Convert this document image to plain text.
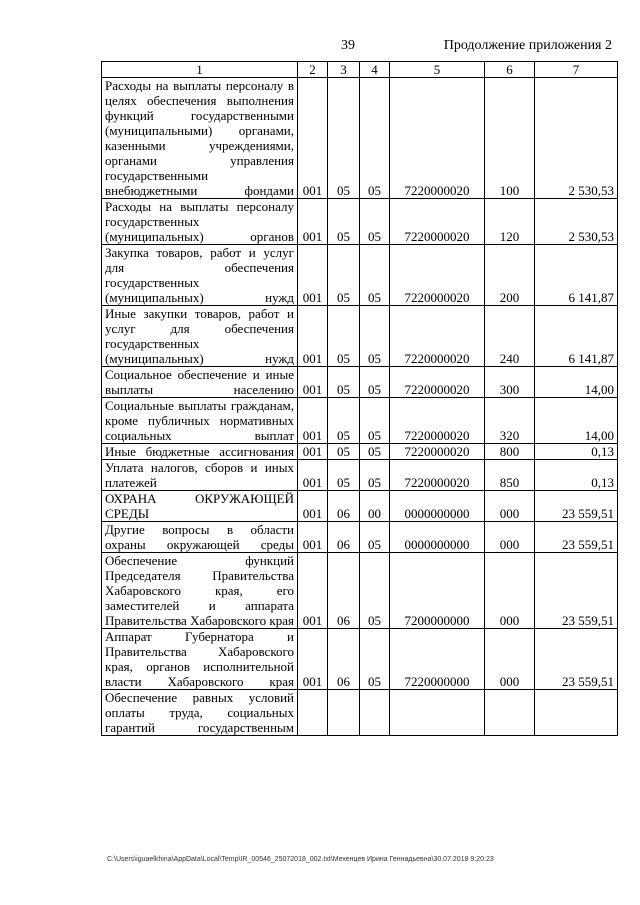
39	Продолжение приложения 2
1	2	3	4	5	6	7
Расходы на выплаты персоналу в целях обеспечения выполнения функций государственными (муниципальными) органами, казенными учреждениями, органами управления государственными внебюджетными фондами	001	05	05	7220000020	100	2 530,53
Расходы на выплаты персоналу государственных (муниципальных) органов	001	05	05	7220000020	120	2 530,53
Закупка товаров, работ и услуг для обеспечения государственных (муниципальных) нужд	001	05	05	7220000020	200	6 141,87
Иные закупки товаров, работ и услуг для обеспечения государственных (муниципальных) нужд	001	05	05	7220000020	240	6 141,87
Социальное обеспечение и иные выплаты населению	001	05	05	7220000020	300	14,00
Социальные выплаты гражданам, кроме публичных нормативных социальных выплат	001	05	05	7220000020	320	14,00
Иные бюджетные ассигнования	001	05	05	7220000020	800	0,13
Уплата налогов, сборов и иных платежей	001	05	05	7220000020	850	0,13
ОХРАНА ОКРУЖАЮЩЕЙ СРЕДЫ	001	06	00	0000000000	000	23 559,51
Другие вопросы в области охраны окружающей среды	001	06	05	0000000000	000	23 559,51
Обеспечение функций Председателя Правительства Хабаровского края, его заместителей и аппарата Правительства Хабаровского края	001	06	05	7200000000	000	23 559,51
Аппарат Губернатора и Правительства Хабаровского края, органов исполнительной власти Хабаровского края	001	06	05	7220000000	000	23 559,51
Обеспечение равных условий оплаты труда, социальных гарантий государственным						
C:\Users\iguaelkhina\AppData\Local\Temp\IR_00546_25072018_002.txt\Мехенцев Ирина Геннадьевна\30.07.2018 9:20:23
